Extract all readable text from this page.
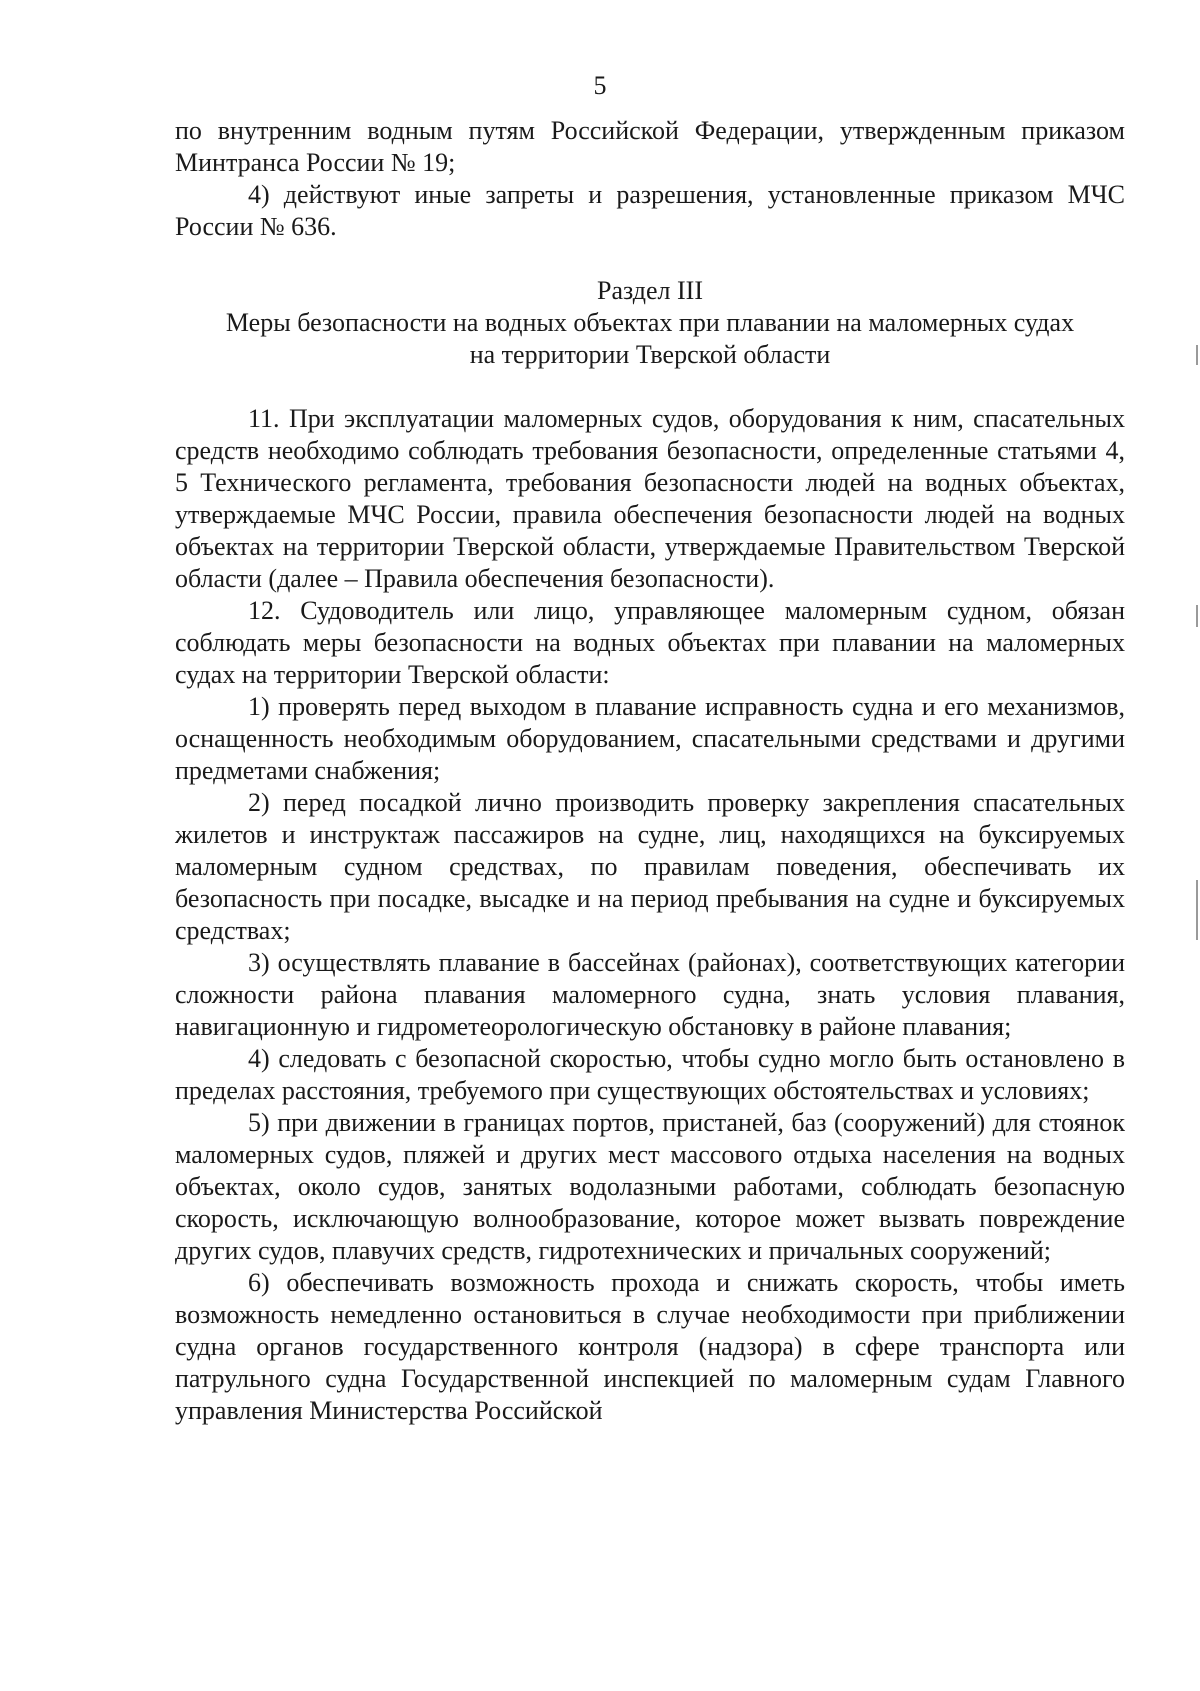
5

по внутренним водным путям Российской Федерации, утвержденным приказом Минтранса России № 19;

4) действуют иные запреты и разрешения, установленные приказом МЧС России № 636.

Раздел III

Меры безопасности на водных объектах при плавании на маломерных судах на территории Тверской области

11. При эксплуатации маломерных судов, оборудования к ним, спасательных средств необходимо соблюдать требования безопасности, определенные статьями 4, 5 Технического регламента, требования безопасности людей на водных объектах, утверждаемые МЧС России, правила обеспечения безопасности людей на водных объектах на территории Тверской области, утверждаемые Правительством Тверской области (далее – Правила обеспечения безопасности).

12. Судоводитель или лицо, управляющее маломерным судном, обязан соблюдать меры безопасности на водных объектах при плавании на маломерных судах на территории Тверской области:

1) проверять перед выходом в плавание исправность судна и его механизмов, оснащенность необходимым оборудованием, спасательными средствами и другими предметами снабжения;

2) перед посадкой лично производить проверку закрепления спасательных жилетов и инструктаж пассажиров на судне, лиц, находящихся на буксируемых маломерным судном средствах, по правилам поведения, обеспечивать их безопасность при посадке, высадке и на период пребывания на судне и буксируемых средствах;

3) осуществлять плавание в бассейнах (районах), соответствующих категории сложности района плавания маломерного судна, знать условия плавания, навигационную и гидрометеорологическую обстановку в районе плавания;

4) следовать с безопасной скоростью, чтобы судно могло быть остановлено в пределах расстояния, требуемого при существующих обстоятельствах и условиях;

5) при движении в границах портов, пристаней, баз (сооружений) для стоянок маломерных судов, пляжей и других мест массового отдыха населения на водных объектах, около судов, занятых водолазными работами, соблюдать безопасную скорость, исключающую волнообразование, которое может вызвать повреждение других судов, плавучих средств, гидротехнических и причальных сооружений;

6) обеспечивать возможность прохода и снижать скорость, чтобы иметь возможность немедленно остановиться в случае необходимости при приближении судна органов государственного контроля (надзора) в сфере транспорта или патрульного судна Государственной инспекцией по маломерным судам Главного управления Министерства Российской
